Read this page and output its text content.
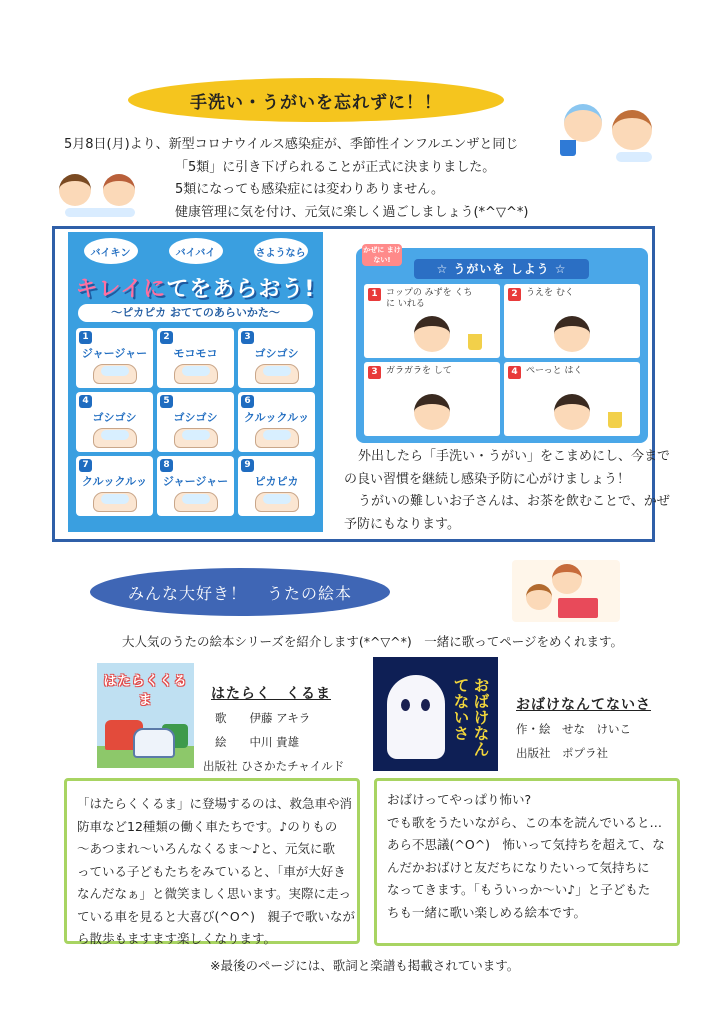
手洗い・うがいを忘れずに！！

5月8日(月)より、新型コロナウイルス感染症が、季節性インフルエンザと同じ

「5類」に引き下げられることが正式に決まりました。

5類になっても感染症には変わりありません。

健康管理に気を付け、元気に楽しく過ごしましょう(*^▽^*)

バイキン	バイバイ	さようなら
キレイにてをあらおう!
〜ピカピカ おててのあらいかた〜
1
ジャージャー
2
モコモコ
3
ゴシゴシ
4
ゴシゴシ
5
ゴシゴシ
6
クルックルッ
7
クルックルッ
8
ジャージャー
9
ピカピカ
かぜに まけない!
☆ うがいを しよう ☆
1 コップの みずを くちに いれる
2 うえを むく
3 ガラガラを して	4 ぺーっと はく

外出したら「手洗い・うがい」をこまめにし、今まで

の良い習慣を継続し感染予防に心がけましょう！

うがいの難しいお子さんは、お茶を飲むことで、かぜ

予防にもなります。

みんな大好き！ うたの絵本
大人気のうたの絵本シリーズを紹介します(*^▽^*)　一緒に歌ってページをめくれます。
はたらくくるま	はたらく　くるま

歌　　伊藤 アキラ

絵　　中川 貴雄

出版社 ひさかたチャイルド

おばけなんてないさ	おばけなんてないさ

作・絵　せな　けいこ

出版社　ポプラ社

「はたらくくるま」に登場するのは、救急車や消

防車など12種類の働く車たちです。♪のりもの

〜あつまれ〜いろんなくるま〜♪と、元気に歌

っている子どもたちをみていると、「車が大好き

なんだなぁ」と微笑ましく思います。実際に走っ

ている車を見ると大喜び(^O^)　親子で歌いなが

ら散歩もますます楽しくなります。

おばけってやっぱり怖い?

でも歌をうたいながら、この本を読んでいると…

あら不思議(^O^)　怖いって気持ちを超えて、な

んだかおばけと友だちになりたいって気持ちに

なってきます。「もういっか〜い♪」と子どもた

ちも一緒に歌い楽しめる絵本です。

※最後のページには、歌詞と楽譜も掲載されています。
